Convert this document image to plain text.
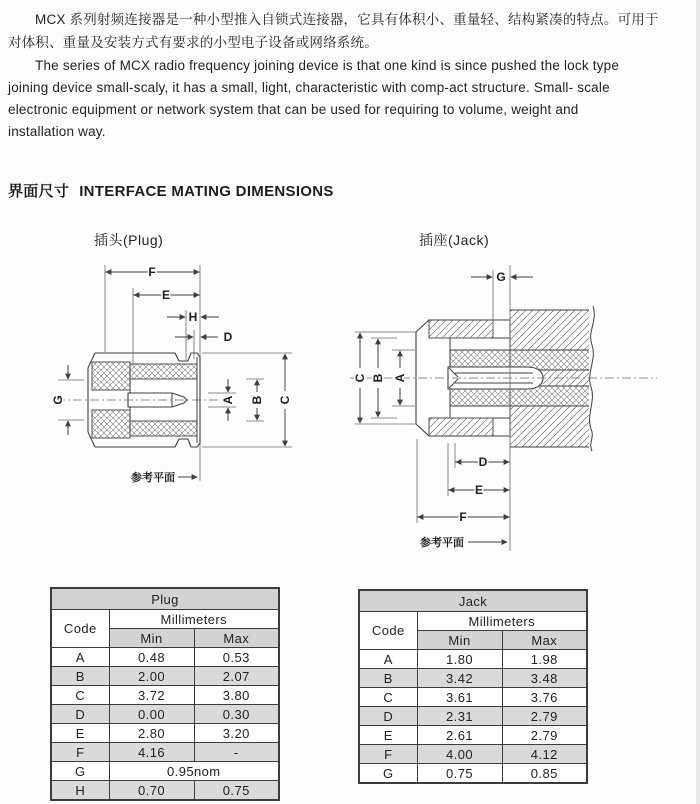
MCX 系列射频连接器是一种小型推入自锁式连接器，它具有体积小、重量轻、结构紧凑的特点。可用于
对体积、重量及安装方式有要求的小型电子设备或网络系统。
The series of MCX radio frequency joining device is that one kind is since pushed the lock type
joining device small-scaly, it has a small, light, characteristic with comp-act structure. Small- scale
electronic equipment or network system that can be used for requiring to volume, weight and
installation way.
界面尺寸 INTERFACE MATING DIMENSIONS
插头(Plug)	插座(Jack)
F
E
H
D
G	A B C
参考平面
G
C B A
D
E
F
参考平面
Plug		
Code	Millimeters	
	Min	Max
A	0.48	0.53
B	2.00	2.07
C	3.72	3.80
D	0.00	0.30
E	2.80	3.20
F	4.16	-
G	0.95nom	
H	0.70	0.75
Jack		
Code	Millimeters	
	Min	Max
A	1.80	1.98
B	3.42	3.48
C	3.61	3.76
D	2.31	2.79
E	2.61	2.79
F	4.00	4.12
G	0.75	0.85
